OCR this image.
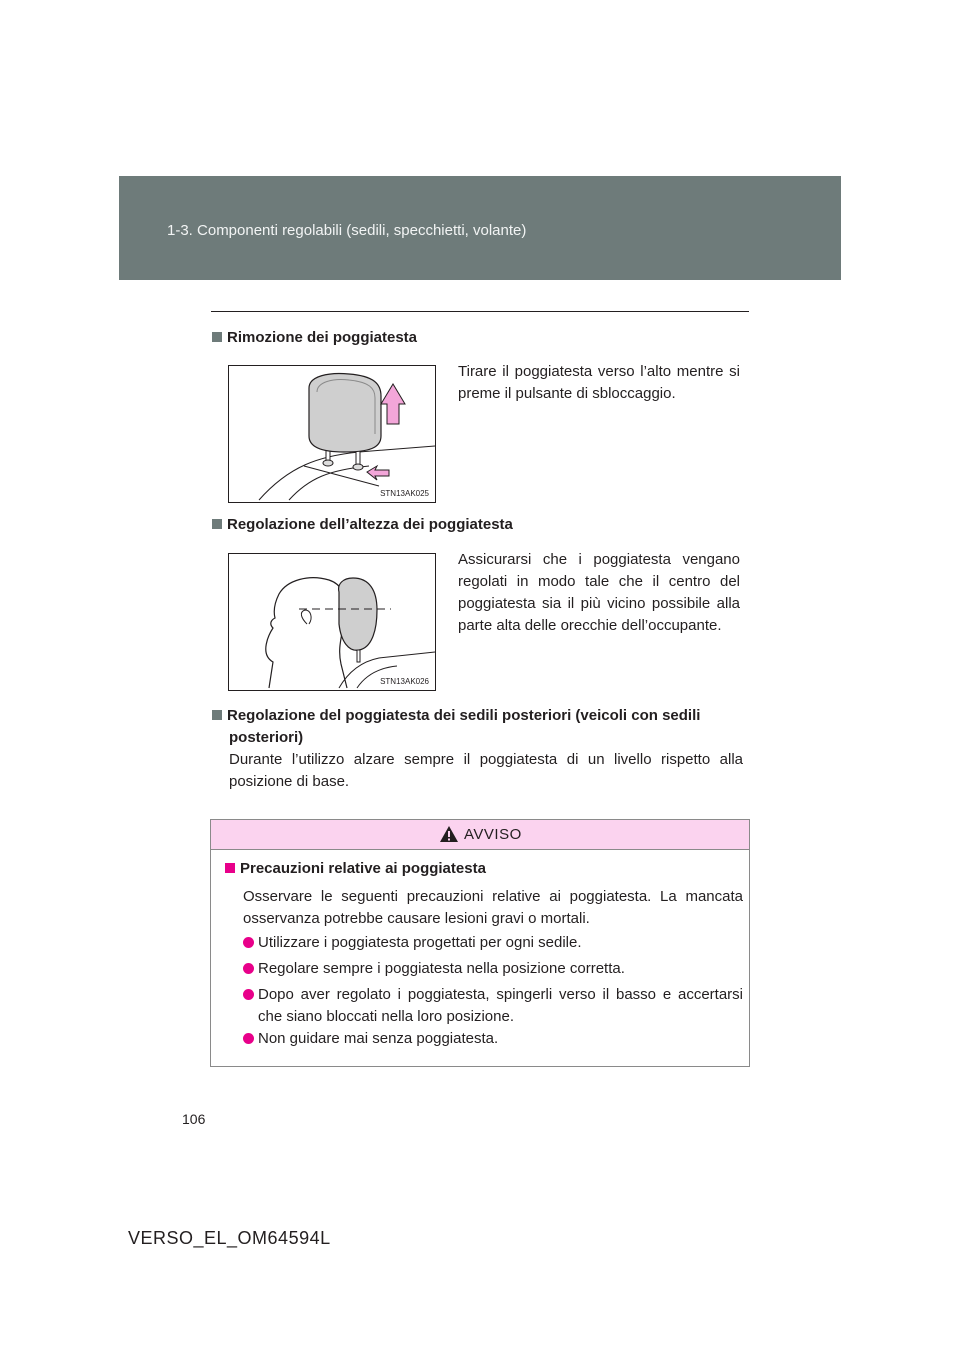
1-3. Componenti regolabili (sedili, specchietti, volante)
Rimozione dei poggiatesta
STN13AK025
Tirare il poggiatesta verso l’alto mentre si preme il pulsante di sbloccaggio.
Regolazione dell’altezza dei poggiatesta
STN13AK026
Assicurarsi che i poggiatesta vengano regolati in modo tale che il centro del poggiatesta sia il più vicino possibile alla parte alta delle orecchie dell’occupante.
Regolazione del poggiatesta dei sedili posteriori (veicoli con sedili
posteriori)
Durante l’utilizzo alzare sempre il poggiatesta di un livello rispetto alla posizione di base.
AVVISO
Precauzioni relative ai poggiatesta
Osservare le seguenti precauzioni relative ai poggiatesta. La mancata osservanza potrebbe causare lesioni gravi o mortali.
Utilizzare i poggiatesta progettati per ogni sedile.
Regolare sempre i poggiatesta nella posizione corretta.
Dopo aver regolato i poggiatesta, spingerli verso il basso e accertarsi che siano bloccati nella loro posizione.
Non guidare mai senza poggiatesta.
106
VERSO_EL_OM64594L
